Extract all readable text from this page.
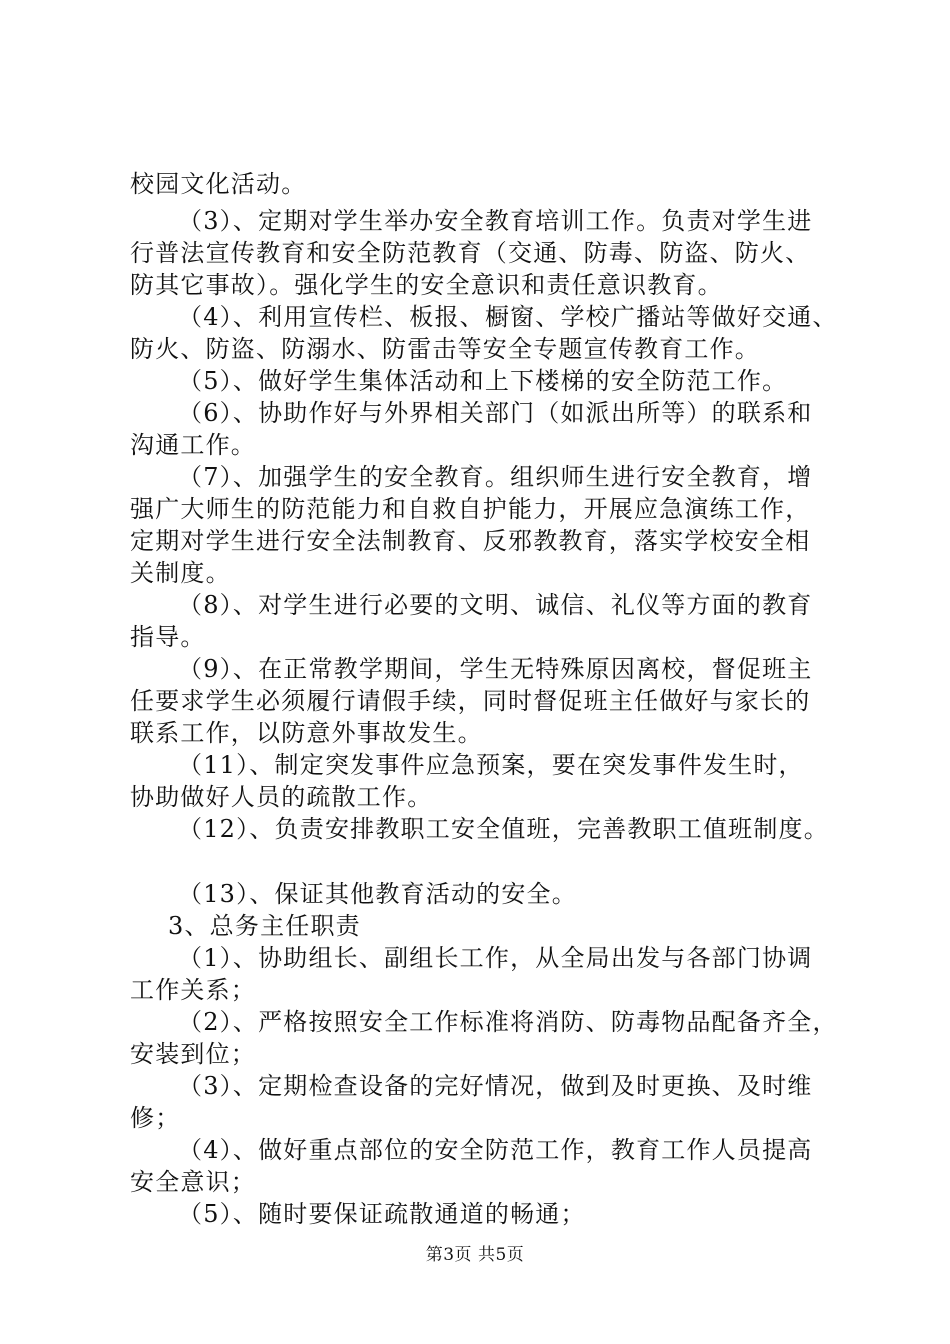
校园文化活动。
（3）、定期对学生举办安全教育培训工作。负责对学生进
行普法宣传教育和安全防范教育（交通、防毒、防盗、防火、
防其它事故）。强化学生的安全意识和责任意识教育。
（4）、利用宣传栏、板报、橱窗、学校广播站等做好交通、
防火、防盗、防溺水、防雷击等安全专题宣传教育工作。
（5）、做好学生集体活动和上下楼梯的安全防范工作。
（6）、协助作好与外界相关部门（如派出所等）的联系和
沟通工作。
（7）、加强学生的安全教育。组织师生进行安全教育，增
强广大师生的防范能力和自救自护能力，开展应急演练工作，
定期对学生进行安全法制教育、反邪教教育，落实学校安全相
关制度。
（8）、对学生进行必要的文明、诚信、礼仪等方面的教育
指导。
（9）、在正常教学期间，学生无特殊原因离校，督促班主
任要求学生必须履行请假手续，同时督促班主任做好与家长的
联系工作，以防意外事故发生。
（11）、制定突发事件应急预案，要在突发事件发生时，
协助做好人员的疏散工作。
（12）、负责安排教职工安全值班，完善教职工值班制度。
（13）、保证其他教育活动的安全。
3、总务主任职责
（1）、协助组长、副组长工作，从全局出发与各部门协调
工作关系；
（2）、严格按照安全工作标准将消防、防毒物品配备齐全，
安装到位；
（3）、定期检查设备的完好情况，做到及时更换、及时维
修；
（4）、做好重点部位的安全防范工作，教育工作人员提高
安全意识；
（5）、随时要保证疏散通道的畅通；
第3页 共5页
